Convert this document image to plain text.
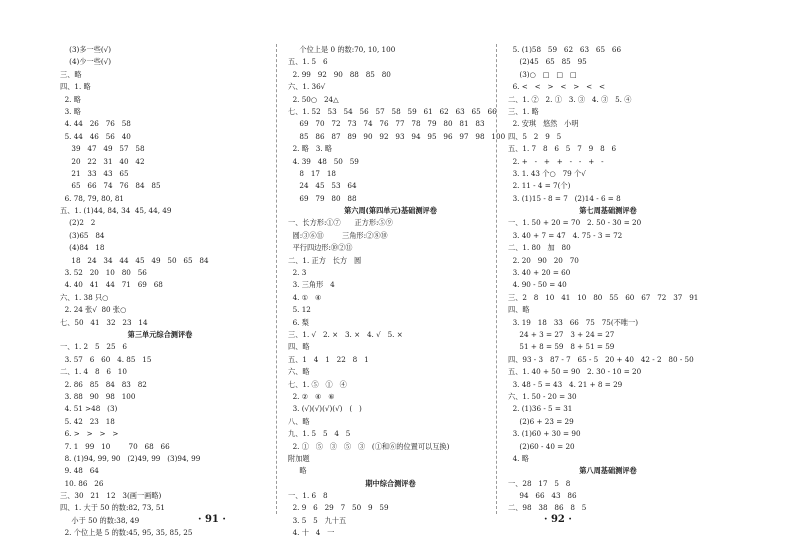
(3)多一些(√)
(4)少一些(√)
三、略
四、1. 略
2. 略
3. 略
4. 44   26   76   58
5. 44   46   56   40
39   47   49   57   58
20   22   31   40   42
21   33   43   65
65   66   74   76   84   85
6. 78, 79, 80, 81
五、1. (1)44, 84, 34  45, 44, 49
(2)2   2
(3)65   84
(4)84   18
18   24   34   44   45   49   50   65   84
3. 52   20   10   80   56
4. 40   41   44   71   69   68
六、1. 38 只○
2. 24 张√  80 张○
七、50   41   32   23   14
第三单元综合测评卷
一、1. 2   5   25   6
3. 57   6   60   4. 85   15
二、1. 4   8   6   10
2. 86   85   84   83   82
3. 88   90   98   100
4. 51 >48   (3)
5. 42   23   18
6. >   >   >   >
7. 1   99   10        70   68   66
8. (1)94, 99, 90   (2)49, 99   (3)94, 99
9. 48   64
10. 86   26
三、30   21   12   3(画一画略)
四、1. 大于 50 的数:82, 73, 51
小于 50 的数:38, 49
2. 个位上是 5 的数:45, 95, 35, 85, 25
个位上是 0 的数:70, 10, 100
五、1. 5   6
2. 99   92   90   88   85   80
六、1. 36√
2. 50○   24△
七、1. 52   53   54   56   57   58   59   61   62   63   65   66
69   70   72   73   74   76   77   78   79   80   81   83
85   86   87   89   90   92   93   94   95   96   97   98   100
2. 略   3. 略
4. 39   48   50   59
8   17   18
24   45   53   64
69   79   80   88
第六周(第四单元)基础测评卷
一、长方形:①⑦      正方形:⑤⑨
圆:③⑥⑪        三角形:②⑧⑩
平行四边形:⑩②⑪
二、1. 正方   长方   圆
2. 3
3. 三角形   4
4. ①   ④
5. 12
6. 梨
三、1. √   2. ×   3. ×   4. √   5. ×
四、略
五、1   4   1   22   8   1
六、略
七、1. ⑤   ①   ④
2. ②   ④   ⑥
3. (√)(√)(√)(√)   (   )
八、略
九、1. 5   5   4   5
2. ①   ⑤   ③   ⑤   ③   (①和⑥的位置可以互换)
附加题
略
期中综合测评卷
一、1. 6   8
2. 9   6   29   7   50   9   59
3. 5   5   九十五
4. 十   4   一
5. (1)58   59   62   63   65   66
(2)45   65   85   95
(3)○   □   □   □
6. <   <   >   <   >   <   <
二、1. ②   2. ①   3. ③   4. ③   5. ④
三、1. 略
2. 安琪   悠然   小明
四、5   2   9   5
五、1. 7   8   6   5   7   9   8   6
2. +   -   +   +   -   -   +   -
3. 1. 43 个○   79 个√
2. 11 - 4 = 7(个)
3. (1)15 - 8 = 7   (2)14 - 6 = 8
第七周基础测评卷
一、1. 50 + 20 = 70   2. 50 - 30 = 20
3. 40 + 7 = 47   4. 75 - 3 = 72
二、1. 80   加   80
2. 20   90   20   70
3. 40 + 20 = 60
4. 90 - 50 = 40
三、2   8   10   41   10   80   55   60   67   72   37   91
四、略
3. 19   18   33   66   75   75(不唯一)
24 + 3 = 27   3 + 24 = 27
51 + 8 = 59   8 + 51 = 59
四、93 - 3   87 - 7   65 - 5   20 + 40   42 - 2   80 - 50
五、1. 40 + 50 = 90   2. 30 - 10 = 20
3. 48 - 5 = 43   4. 21 + 8 = 29
六、1. 50 - 20 = 30
2. (1)36 - 5 = 31
(2)6 + 23 = 29
3. (1)60 + 30 = 90
(2)60 - 40 = 20
4. 略
第八周基础测评卷
一、28   17   5   8
94   66   43   86
二、98   38   86   8   5
· 91 ·	· 92 ·
